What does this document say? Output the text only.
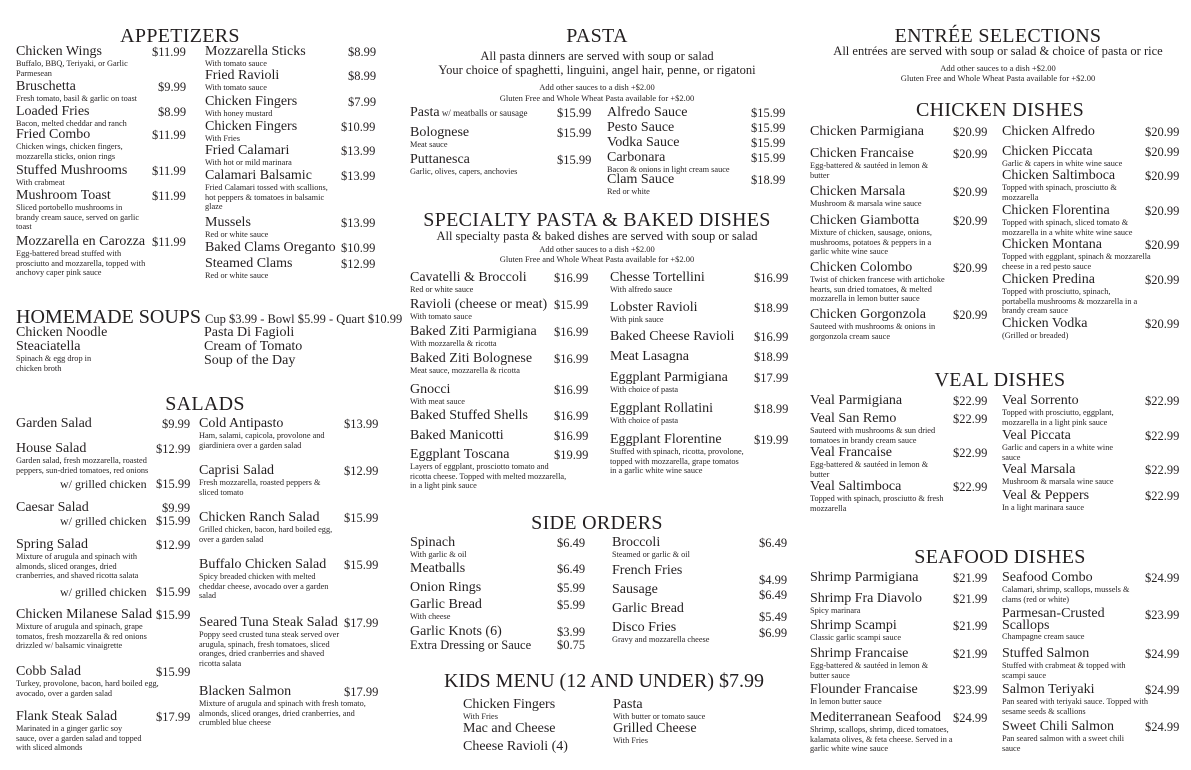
APPETIZERS
Chicken Wings
Buffalo, BBQ, Teriyaki, or Garlic Parmesean
$11.99
Bruschetta
Fresh tomato, basil & garlic on toast
$9.99
Loaded Fries
Bacon, melted cheddar and ranch
$8.99
Fried Combo
Chicken wings, chicken fingers, mozzarella sticks, onion rings
$11.99
Stuffed Mushrooms
With crabmeat
$11.99
Mushroom Toast
Sliced portobello mushrooms in brandy cream sauce, served on garlic toast
$11.99
Mozzarella en Carozza
Egg-battered bread stuffed with prosciutto and mozzarella, topped with anchovy caper pink sauce
$11.99
Mozzarella Sticks
With tomato sauce
$8.99
Fried Ravioli
With tomato sauce
$8.99
Chicken Fingers
With honey mustard
$7.99
Chicken Fingers
With Fries
$10.99
Fried Calamari
With hot or mild marinara
$13.99
Calamari Balsamic
Fried Calamari tossed with scallions, hot peppers & tomatoes in balsamic glaze
$13.99
Mussels
Red or white sauce
$13.99
Baked Clams Oreganto $10.99
Steamed Clams
Red or white sauce
$12.99
HOMEMADE SOUPS Cup $3.99 - Bowl $5.99 - Quart $10.99
Chicken Noodle
Steaciatella
Spinach & egg drop in chicken broth
Pasta Di Fagioli
Cream of Tomato
Soup of the Day
SALADS
Garden Salad	$9.99
House Salad
Garden salad, fresh mozzarella, roasted peppers, sun-dried tomatoes, red onions
$12.99
w/ grilled chicken $15.99
Caesar Salad	$9.99
w/ grilled chicken $15.99
Spring Salad
Mixture of arugula and spinach with almonds, sliced oranges, dried cranberries, and shaved ricotta salata
$12.99
w/ grilled chicken $15.99
Chicken Milanese Salad
Mixture of arugula and spinach, grape tomatos, fresh mozzarella & red onions drizzled w/ balsamic vinaigrette
$15.99
Cobb Salad
Turkey, provolone, bacon, hard boiled egg, avocado, over a garden salad
$15.99
Flank Steak Salad
Marinated in a ginger garlic soy sauce, over a garden salad and topped with sliced almonds
$17.99
Cold Antipasto
Ham, salami, capicola, provolone and giardiniera over a garden salad
$13.99
Caprisi Salad
Fresh mozzarella, roasted peppers & sliced tomato
$12.99
Chicken Ranch Salad
Grilled chicken, bacon, hard boiled egg, over a garden salad
$15.99
Buffalo Chicken Salad
Spicy breaded chicken with melted cheddar cheese, avocado over a garden salad
$15.99
Seared Tuna Steak Salad
Poppy seed crusted tuna steak served over arugula, spinach, fresh tomatoes, sliced oranges, dried cranberries and shaved ricotta salata
$17.99
Blacken Salmon
Mixture of arugula and spinach with fresh tomato, almonds, sliced oranges, dried cranberries, and crumbled blue cheese
$17.99
PASTA
All pasta dinners are served with soup or salad
Your choice of spaghetti, linguini, angel hair, penne, or rigatoni
Add other sauces to a dish +$2.00
Gluten Free and Whole Wheat Pasta available for +$2.00
Pasta w/ meatballs or sausage	$15.99
Bolognese
Meat sauce
$15.99
Puttanesca
Garlic, olives, capers, anchovies
$15.99
Alfredo Sauce	$15.99
Pesto Sauce	$15.99
Vodka Sauce	$15.99
Carbonara
Bacon & onions in light cream sauce
$15.99
Clam Sauce
Red or white
$18.99
SPECIALTY PASTA & BAKED DISHES
All specialty pasta & baked dishes are served with soup or salad
Add other sauces to a dish +$2.00
Gluten Free and Whole Wheat Pasta available for +$2.00
Cavatelli & Broccoli
Red or white sauce
$16.99
Ravioli (cheese or meat)
With tomato sauce
$15.99
Baked Ziti Parmigiana
With mozzarella & ricotta
$16.99
Baked Ziti Bolognese
Meat sauce, mozzarella & ricotta
$16.99
Gnocci
With meat sauce
$16.99
Baked Stuffed Shells	$16.99
Baked Manicotti	$16.99
Eggplant Toscana
Layers of eggplant, prosciotto tomato and ricotta cheese. Topped with melted mozzarella, in a light pink sauce
$19.99
Chesse Tortellini
With alfredo sauce
$16.99
Lobster Ravioli
With pink sauce
$18.99
Baked Cheese Ravioli	$16.99
Meat Lasagna	$18.99
Eggplant Parmigiana
With choice of pasta
$17.99
Eggplant Rollatini
With choice of pasta
$18.99
Eggplant Florentine
Stuffed with spinach, ricotta, provolone, topped with mozzarella, grape tomatos in a garlic white wine sauce
$19.99
SIDE ORDERS
Spinach
With garlic & oil
$6.49
Meatballs	$6.49
Onion Rings	$5.99
Garlic Bread
With cheese
$5.99
Garlic Knots (6)	$3.99
Extra Dressing or Sauce $0.75
Broccoli
Steamed or garlic & oil
$6.49
French Fries
$4.99
Sausage	$6.49
Garlic Bread
$5.49
Disco Fries
Gravy and mozzarella cheese	$6.99
KIDS MENU (12 AND UNDER) $7.99
Chicken Fingers
With Fries
Mac and Cheese
Cheese Ravioli (4)
Pasta
With butter or tomato sauce
Grilled Cheese
With Fries
ENTRÉE SELECTIONS
All entrées are served with soup or salad & choice of pasta or rice
Add other sauces to a dish +$2.00
Gluten Free and Whole Wheat Pasta available for +$2.00
CHICKEN DISHES
Chicken Parmigiana	$20.99
Chicken Francaise
Egg-battered & sautéed in lemon & butter
$20.99
Chicken Marsala
Mushroom & marsala wine sauce
$20.99
Chicken Giambotta
Mixture of chicken, sausage, onions, mushrooms, potatoes & peppers in a garlic white wine sauce
$20.99
Chicken Colombo
Twist of chicken francese with artichoke hearts, sun dried tomatoes, & melted mozzarella in lemon butter sauce
$20.99
Chicken Gorgonzola
Sauteed with mushrooms & onions in gorgonzola cream sauce
$20.99
Chicken Alfredo	$20.99
Chicken Piccata
Garlic & capers in white wine sauce
$20.99
Chicken Saltimboca
Topped with spinach, prosciutto & mozzarella
$20.99
Chicken Florentina
Topped with spinach, sliced tomato & mozzarella in a white white wine sauce
$20.99
Chicken Montana
Topped with eggplant, spinach & mozzarella cheese in a red pesto sauce
$20.99
Chicken Predina
Topped with prosciutto, spinach, portabella mushrooms & mozzarella in a brandy cream sauce
$20.99
Chicken Vodka
(Grilled or breaded)
$20.99
VEAL DISHES
Veal Parmigiana	$22.99
Veal San Remo
Sauteed with mushrooms & sun dried tomatoes in brandy cream sauce
$22.99
Veal Francaise
Egg-battered & sautéed in lemon & butter
$22.99
Veal Saltimboca
Topped with spinach, prosciutto & fresh mozzarella
$22.99
Veal Sorrento
Topped with prosciutto, eggplant, mozzarella in a light pink sauce
$22.99
Veal Piccata
Garlic and capers in a white wine sauce
$22.99
Veal Marsala
Mushroom & marsala wine sauce
$22.99
Veal & Peppers
In a light marinara sauce
$22.99
SEAFOOD DISHES
Shrimp Parmigiana	$21.99
Shrimp Fra Diavolo
Spicy marinara
$21.99
Shrimp Scampi
Classic garlic scampi sauce
$21.99
Shrimp Francaise
Egg-battered & sautéed in lemon & butter sauce
$21.99
Flounder Francaise
In lemon butter sauce
$23.99
Mediterranean Seafood
Shrimp, scallops, shrimp, diced tomatoes, kalamata olives, & feta cheese. Served in a garlic white wine sauce
$24.99
Seafood Combo
Calamari, shrimp, scallops, mussels & clams (red or white)
$24.99
Parmesan-Crusted Scallops
Champagne cream sauce
$23.99
Stuffed Salmon
Stuffed with crabmeat & topped with scampi sauce
$24.99
Salmon Teriyaki
Pan seared with teriyaki sauce. Topped with sesame seeds & scallions
$24.99
Sweet Chili Salmon
Pan seared salmon with a sweet chili sauce
$24.99
